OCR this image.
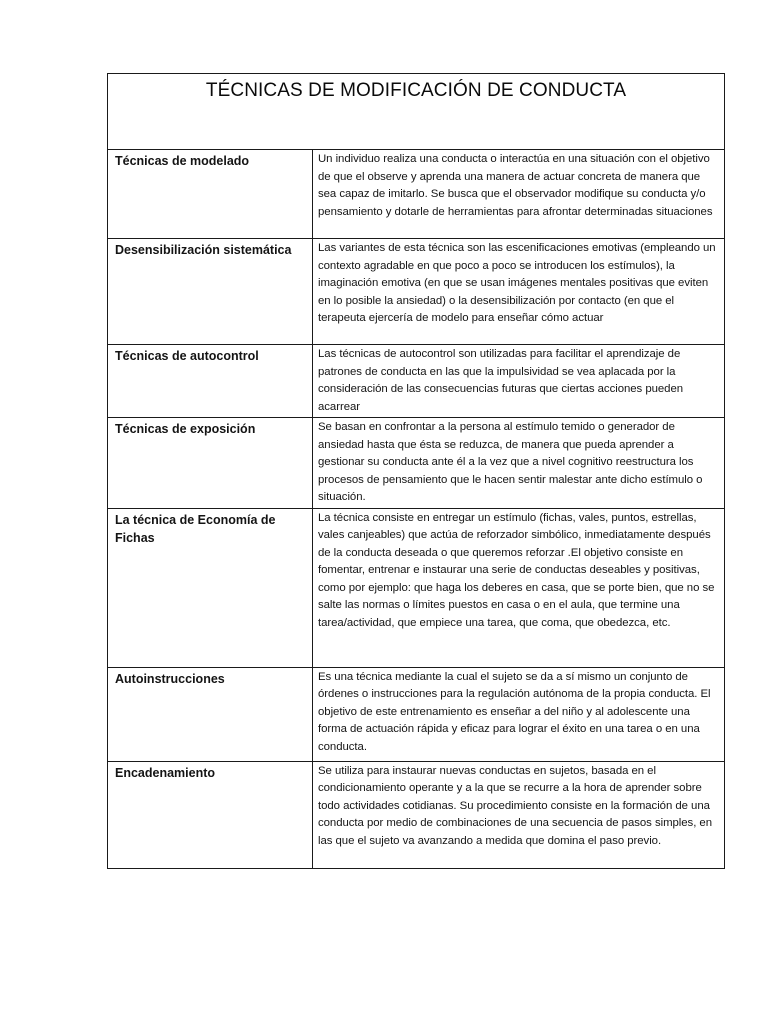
TÉCNICAS DE MODIFICACIÓN DE CONDUCTA	

Técnicas de modelado	Un individuo realiza una conducta o interactúa en una situación con el objetivo de que el observe y aprenda una manera de actuar concreta de manera que sea capaz de imitarlo. Se busca que el observador modifique su conducta y/o pensamiento y dotarle de herramientas para afrontar determinadas situaciones
Desensibilización sistemática	Las variantes de esta técnica son las escenificaciones emotivas (empleando un contexto agradable en que poco a poco se introducen los estímulos), la imaginación emotiva (en que se usan imágenes mentales positivas que eviten en lo posible la ansiedad) o la desensibilización por contacto (en que el terapeuta ejercería de modelo para enseñar cómo actuar
Técnicas de autocontrol	Las técnicas de autocontrol son utilizadas para facilitar el aprendizaje de patrones de conducta en las que la impulsividad se vea aplacada por la consideración de las consecuencias futuras que ciertas acciones pueden acarrear
Técnicas de exposición	Se basan en confrontar a la persona al estímulo temido o generador de ansiedad hasta que ésta se reduzca, de manera que pueda aprender a gestionar su conducta ante él a la vez que a nivel cognitivo reestructura los procesos de pensamiento que le hacen sentir malestar ante dicho estímulo o situación.
La técnica de Economía de Fichas	La técnica consiste en entregar un estímulo (fichas, vales, puntos, estrellas, vales canjeables) que actúa de reforzador simbólico, inmediatamente después de la conducta deseada o que queremos reforzar .El objetivo consiste en fomentar, entrenar e instaurar una serie de conductas deseables y positivas, como por ejemplo: que haga los deberes en casa, que se porte bien, que no se salte las normas o límites puestos en casa o en el aula, que termine una tarea/actividad, que empiece una tarea, que coma, que obedezca, etc.
Autoinstrucciones	Es una técnica mediante la cual el sujeto se da a sí mismo un conjunto de órdenes o instrucciones para la regulación autónoma de la propia conducta. El objetivo de este entrenamiento es enseñar a del niño y al adolescente una forma de actuación rápida y eficaz para lograr el éxito en una tarea o en una conducta.
Encadenamiento	Se utiliza para instaurar nuevas conductas en sujetos, basada en el condicionamiento operante y a la que se recurre a la hora de aprender sobre todo actividades cotidianas. Su procedimiento consiste en la formación de una conducta por medio de combinaciones de una secuencia de pasos simples, en las que el sujeto va avanzando a medida que domina el paso previo.
